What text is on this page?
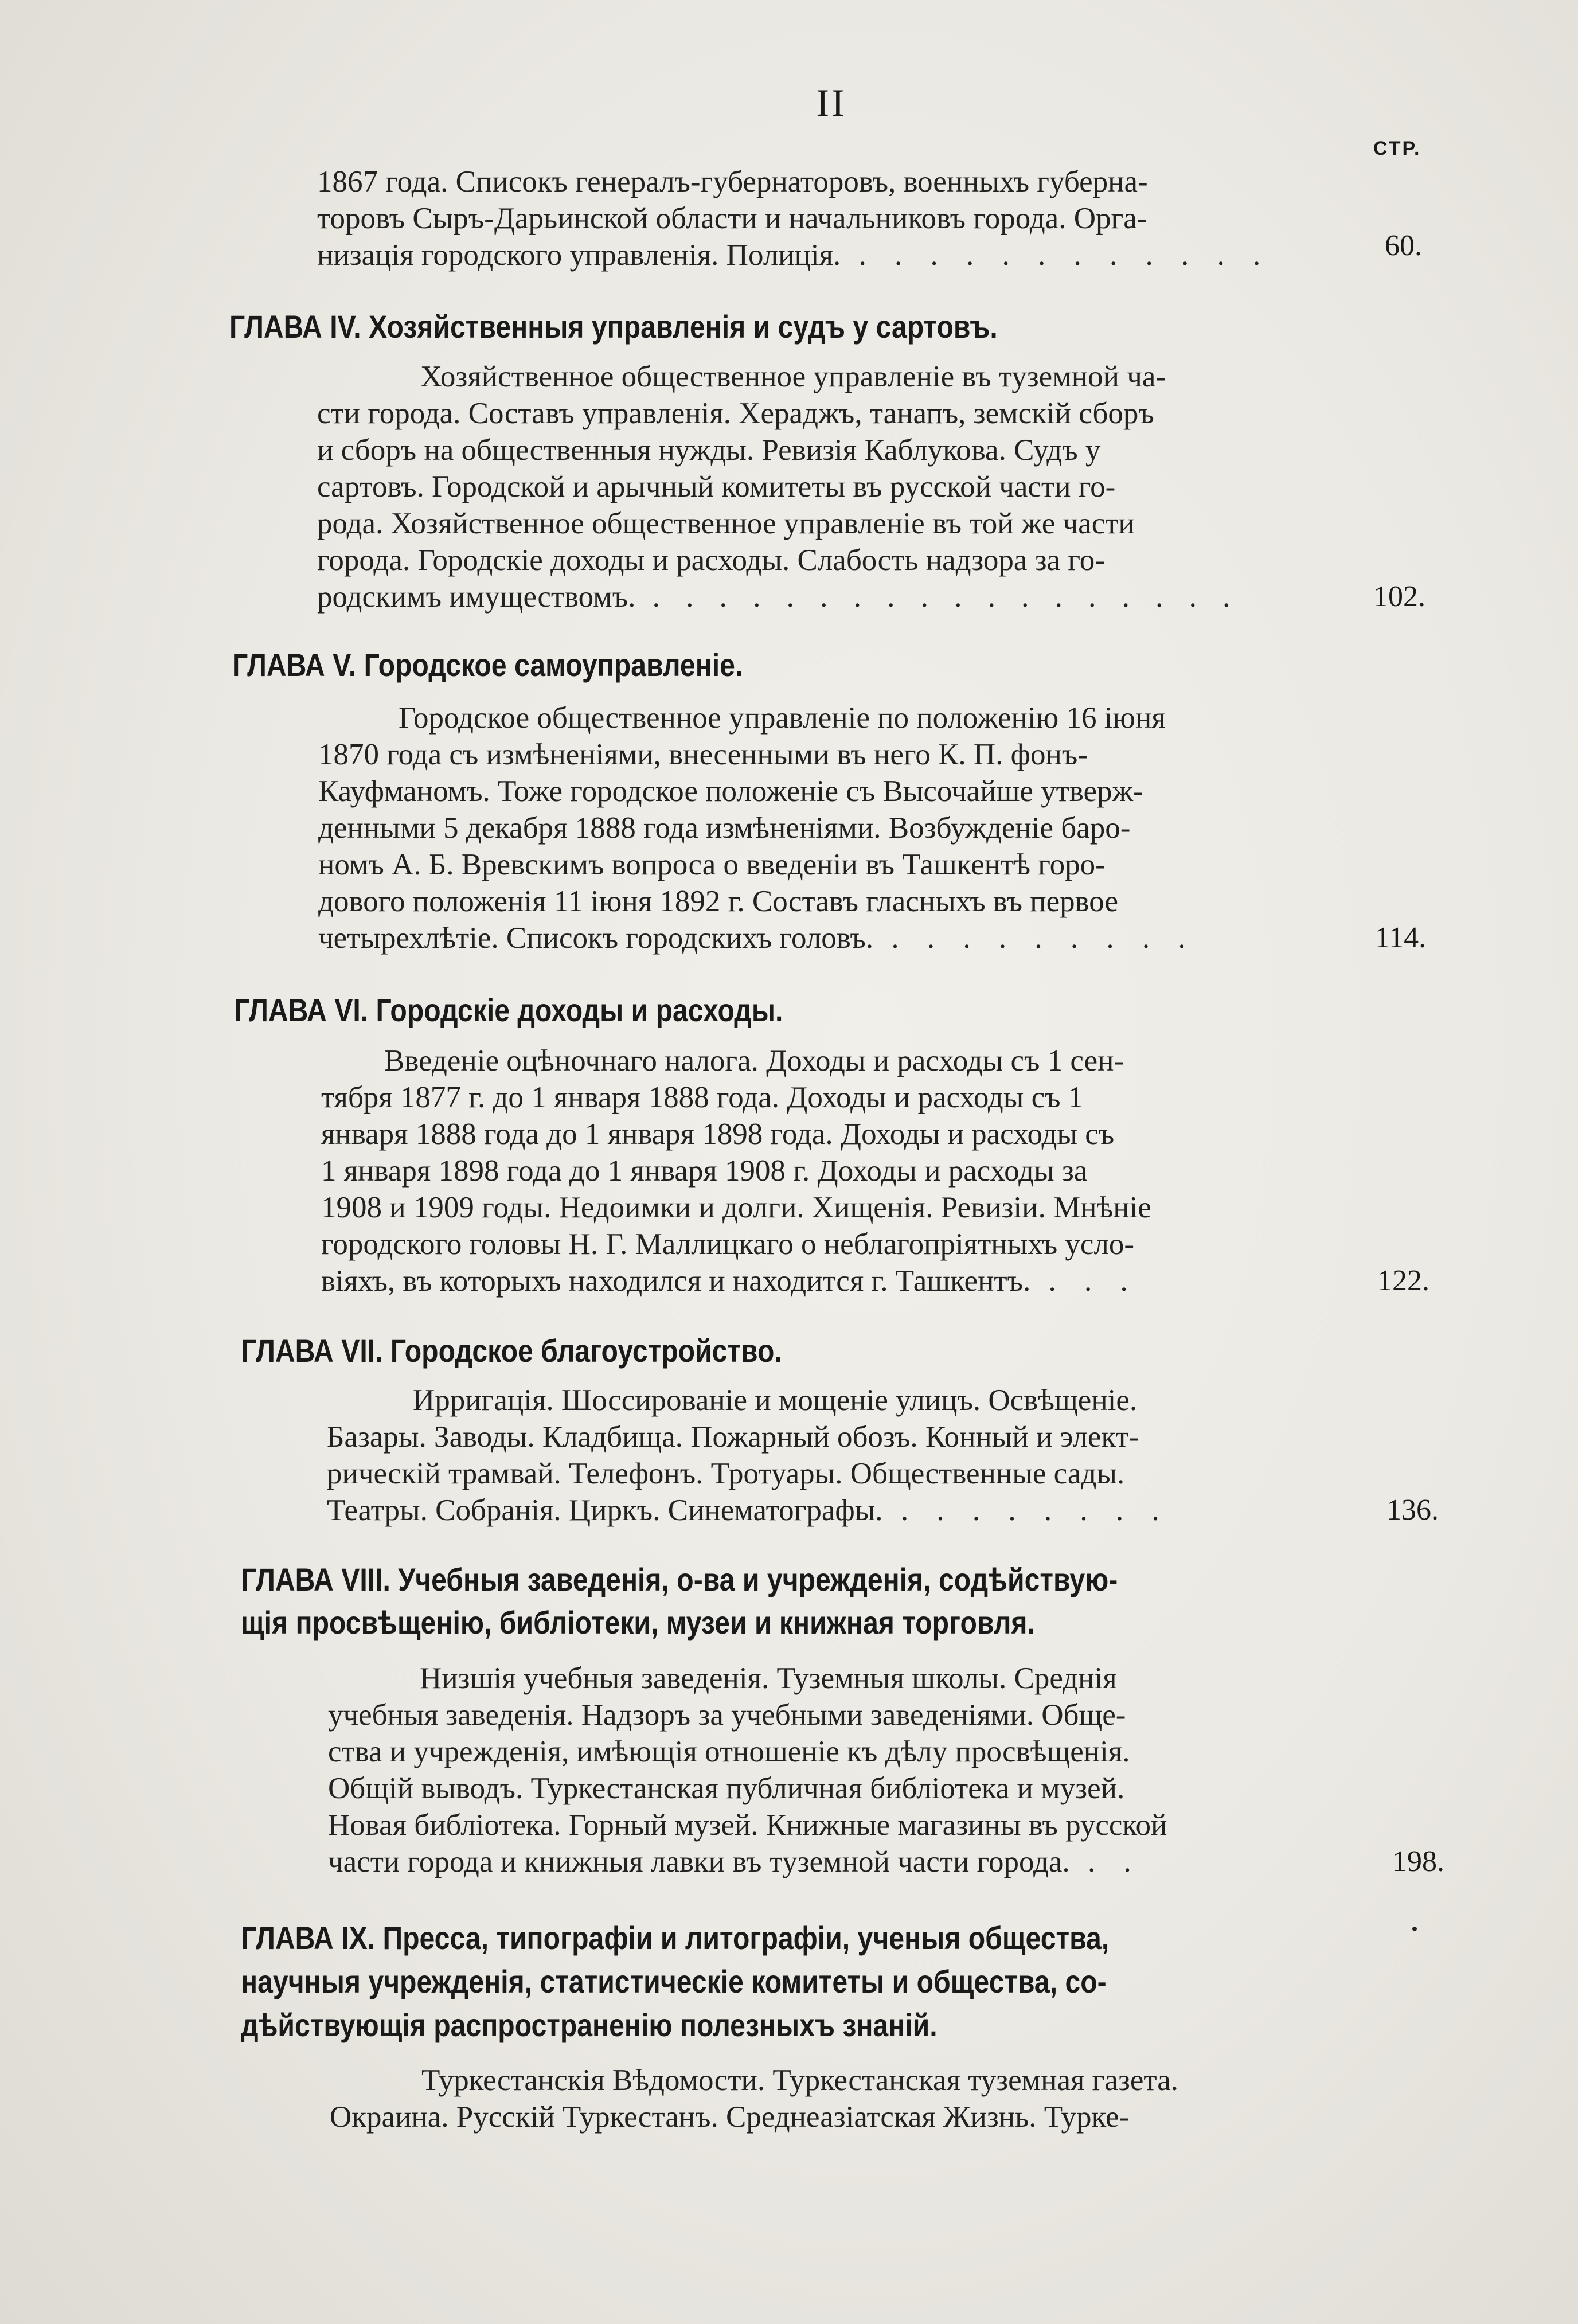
II
СТР.
1867 года. Списокъ генералъ-губернаторовъ, военныхъ губерна-
торовъ Сыръ-Дарьинской области и начальниковъ города. Орга-
низація городского управленія. Полиція. . . . . . . . . . . . .	60.
ГЛАВА IV. Хозяйственныя управленія и судъ у сартовъ.
Хозяйственное общественное управленіе въ туземной ча-
сти города. Составъ управленія. Хераджъ, танапъ, земскій сборъ
и сборъ на общественныя нужды. Ревизія Каблукова. Судъ у
сартовъ. Городской и арычный комитеты въ русской части го-
рода. Хозяйственное общественное управленіе въ той же части
города. Городскіе доходы и расходы. Слабость надзора за го-
родскимъ имуществомъ. . . . . . . . . . . . . . . . . . .	102.
ГЛАВА V. Городское самоуправленіе.
Городское общественное управленіе по положенію 16 іюня
1870 года съ измѣненіями, внесенными въ него К. П. фонъ-
Кауфманомъ. Тоже городское положеніе съ Высочайше утверж-
денными 5 декабря 1888 года измѣненіями. Возбужденіе баро-
номъ А. Б. Вревскимъ вопроса о введеніи въ Ташкентѣ горо-
дового положенія 11 іюня 1892 г. Составъ гласныхъ въ первое
четырехлѣтіе. Списокъ городскихъ головъ. . . . . . . . . .	114.
ГЛАВА VI. Городскіе доходы и расходы.
Введеніе оцѣночнаго налога. Доходы и расходы съ 1 сен-
тября 1877 г. до 1 января 1888 года. Доходы и расходы съ 1
января 1888 года до 1 января 1898 года. Доходы и расходы съ
1 января 1898 года до 1 января 1908 г. Доходы и расходы за
1908 и 1909 годы. Недоимки и долги. Хищенія. Ревизіи. Мнѣніе
городского головы Н. Г. Маллицкаго о неблагопріятныхъ усло-
віяхъ, въ которыхъ находился и находится г. Ташкентъ. . . .	122.
ГЛАВА VII. Городское благоустройство.
Ирригація. Шоссированіе и мощеніе улицъ. Освѣщеніе.
Базары. Заводы. Кладбища. Пожарный обозъ. Конный и элект-
рическій трамвай. Телефонъ. Тротуары. Общественные сады.
Театры. Собранія. Циркъ. Синематографы. . . . . . . . .	136.
ГЛАВА VIII. Учебныя заведенія, о-ва и учрежденія, содѣйствую-
щія просвѣщенію, библіотеки, музеи и книжная торговля.
Низшія учебныя заведенія. Туземныя школы. Среднія
учебныя заведенія. Надзоръ за учебными заведеніями. Обще-
ства и учрежденія, имѣющія отношеніе къ дѣлу просвѣщенія.
Общій выводъ. Туркестанская публичная библіотека и музей.
Новая библіотека. Горный музей. Книжные магазины въ русской
части города и книжныя лавки въ туземной части города. . .	198.
ГЛАВА IX. Пресса, типографіи и литографіи, ученыя общества,
научныя учрежденія, статистическіе комитеты и общества, со-
дѣйствующія распространенію полезныхъ знаній.
Туркестанскія Вѣдомости. Туркестанская туземная газета.
Окраина. Русскій Туркестанъ. Среднеазіатская Жизнь. Турке-
